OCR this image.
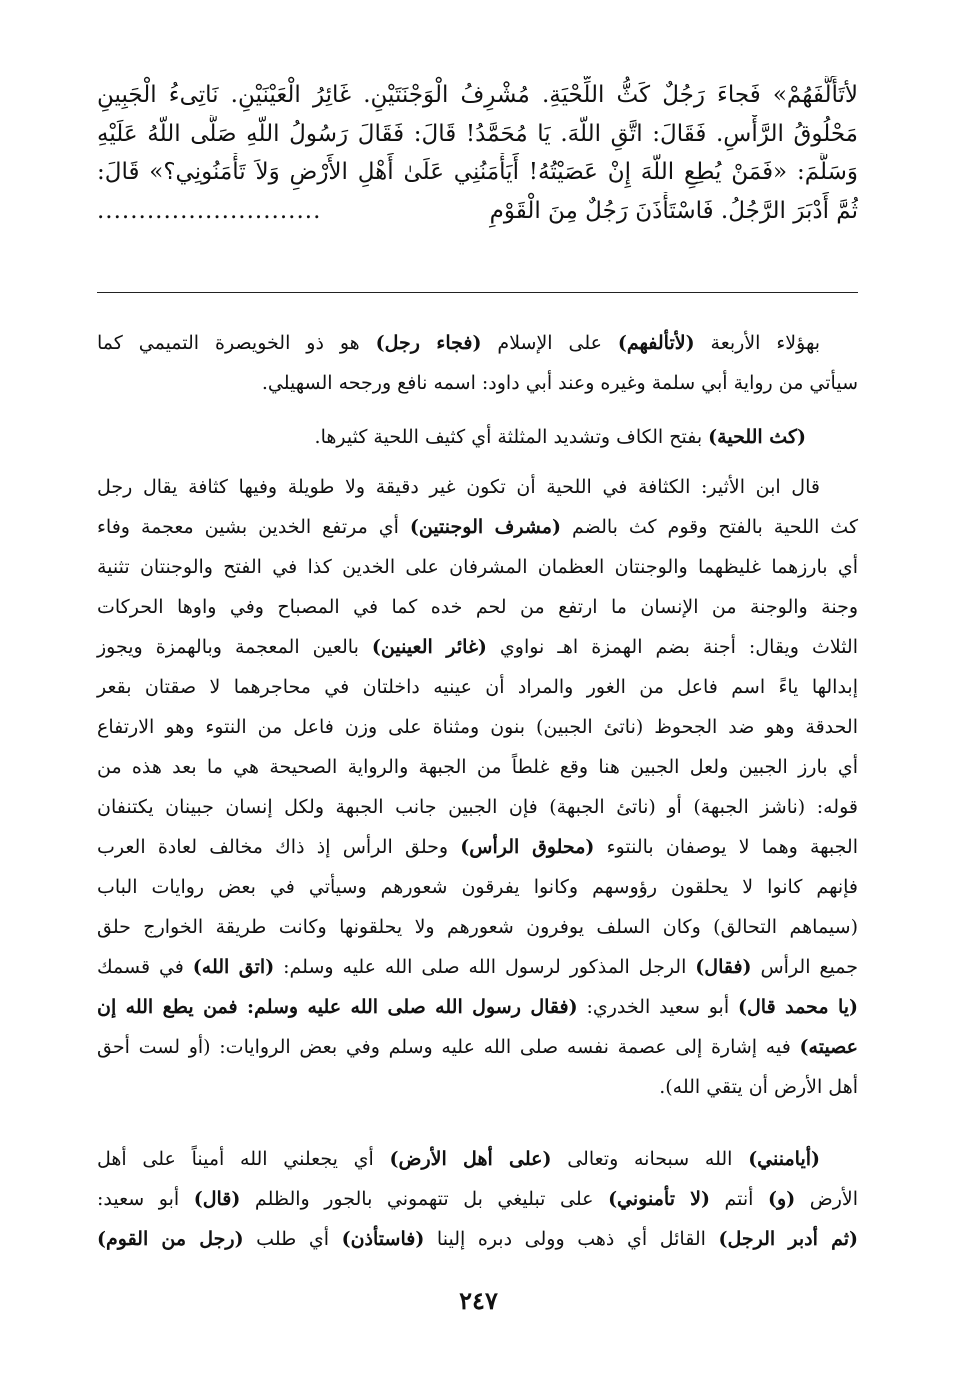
لأتَأَلَّفَهُمْ» فَجاءَ رَجُلٌ كَثُّ اللِّحْيَةِ. مُشْرِفُ الْوَجْنَتَيْنِ. غَائِرُ الْعَيْنَيْنِ. نَاتِىءُ الْجَبِينِ
مَحْلُوقُ الرَّأْسِ. فَقَالَ: اتَّقِ اللّهَ. يَا مُحَمَّدُ! قَالَ: فَقَالَ رَسُولُ اللّهِ صَلَّى اللّهُ عَلَيْهِ
وَسَلَّمَ: «فَمَنْ يُطِعِ اللّهَ إِنْ عَصَيْتُهُ! أَيَأْمَنُنِي عَلَىٰ أَهْلِ الأَرْضِ وَلاَ تَأْمَنُونِي؟» قَالَ:
ثُمَّ أَدْبَرَ الرَّجُلُ. فَاسْتَأْذَنَ رَجُلٌ مِنَ الْقَوْمِ
...........................
بهؤلاء الأربعة (لأتألفهم) على الإسلام (فجاء رجل) هو ذو الخويصرة التميمي كما
سيأتي من رواية أبي سلمة وغيره وعند أبي داود: اسمه نافع ورجحه السهيلي.
(كث اللحية) بفتح الكاف وتشديد المثلثة أي كثيف اللحية كثيرها.
قال ابن الأثير: الكثافة في اللحية أن تكون غير دقيقة ولا طويلة وفيها كثافة يقال رجل
كث اللحية بالفتح وقوم كث بالضم (مشرف الوجنتين) أي مرتفع الخدين بشين معجمة وفاء
أي بارزهما غليظهما والوجنتان العظمان المشرفان على الخدين كذا في الفتح والوجنتان تثنية
وجنة والوجنة من الإنسان ما ارتفع من لحم خده كما في المصباح وفي واوها الحركات
الثلاث ويقال: أجنة بضم الهمزة اهـ نواوي (غائر العينين) بالعين المعجمة وبالهمزة ويجوز
إبدالها ياءً اسم فاعل من الغور والمراد أن عينيه داخلتان في محاجرهما لا صقتان بقعر
الحدقة وهو ضد الجحوظ (ناتئ الجبين) بنون ومثناة على وزن فاعل من النتوء وهو الارتفاع
أي بارز الجبين ولعل الجبين هنا وقع غلطاً من الجبهة والرواية الصحيحة هي ما بعد هذه من
قوله: (ناشز الجبهة) أو (ناتئ الجبهة) فإن الجبين جانب الجبهة ولكل إنسان جبينان يكتنفان
الجبهة وهما لا يوصفان بالنتوء (محلوق الرأس) وحلق الرأس إذ ذاك مخالف لعادة العرب
فإنهم كانوا لا يحلقون رؤوسهم وكانوا يفرقون شعورهم وسيأتي في بعض روايات الباب
(سيماهم التحالق) وكان السلف يوفرون شعورهم ولا يحلقونها وكانت طريقة الخوارج حلق
جميع الرأس (فقال) الرجل المذكور لرسول الله صلى الله عليه وسلم: (اتق الله) في قسمك
(يا محمد قال) أبو سعيد الخدري: (فقال رسول الله صلى الله عليه وسلم: فمن يطع الله إن
عصيته) فيه إشارة إلى عصمة نفسه صلى الله عليه وسلم وفي بعض الروايات: (أو لست أحق
أهل الأرض أن يتقي الله).
(أيامنني) الله سبحانه وتعالى (على أهل الأرض) أي يجعلني الله أميناً على أهل
الأرض (و) أنتم (لا تأمنوني) على تبليغي بل تتهموني بالجور والظلم (قال) أبو سعيد:
(ثم أدبر الرجل) القائل أي ذهب وولى دبره إلينا (فاستأذن) أي طلب (رجل من القوم)
٢٤٧
